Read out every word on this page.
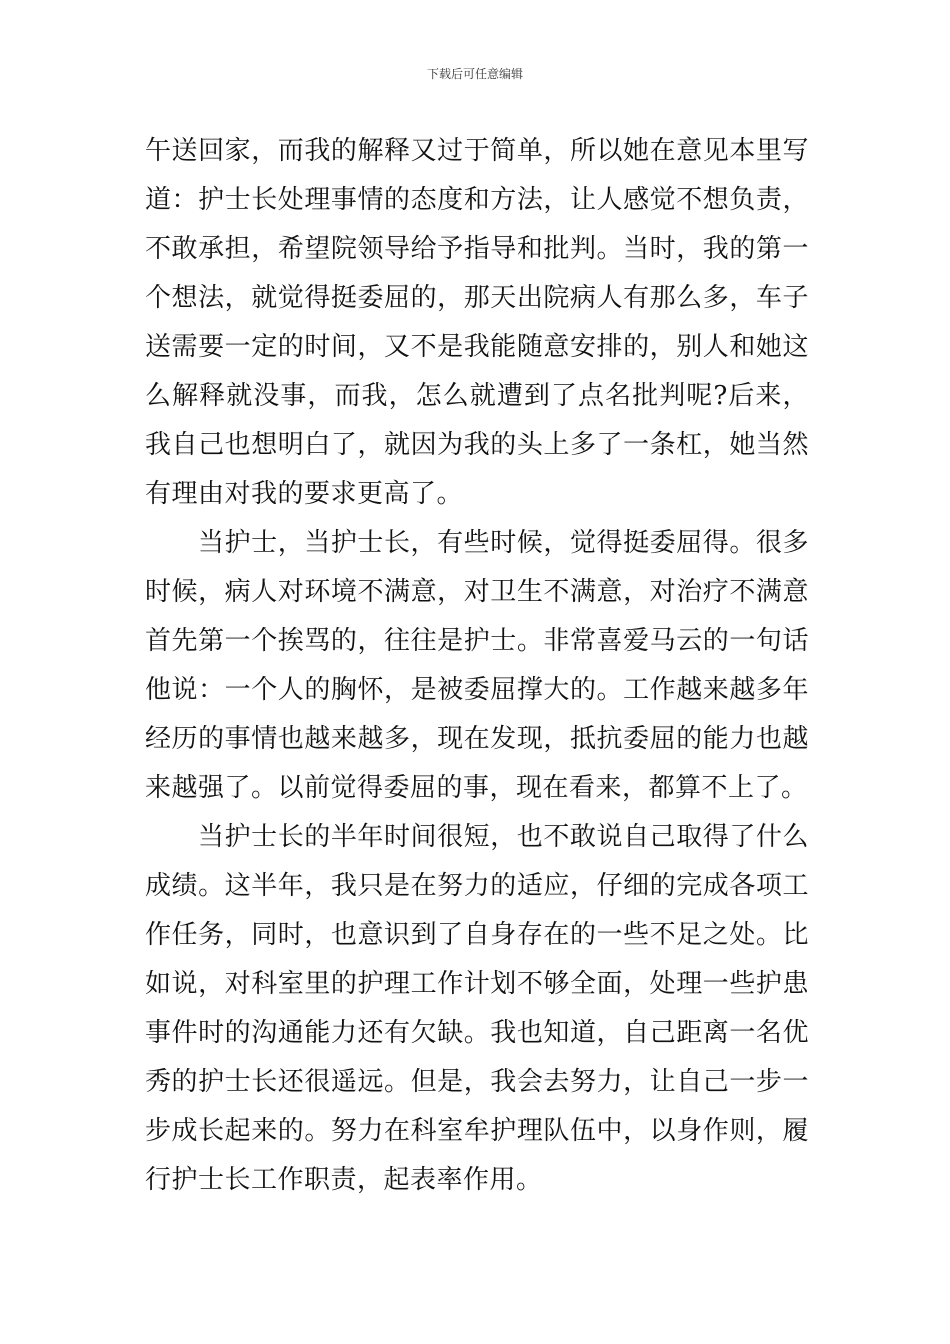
下载后可任意编辑

午送回家，而我的解释又过于简单，所以她在意见本里写道：护士长处理事情的态度和方法，让人感觉不想负责，不敢承担，希望院领导给予指导和批判。当时，我的第一个想法，就觉得挺委屈的，那天出院病人有那么多，车子送需要一定的时间，又不是我能随意安排的，别人和她这么解释就没事，而我，怎么就遭到了点名批判呢?后来，我自己也想明白了，就因为我的头上多了一条杠，她当然有理由对我的要求更高了。

当护士，当护士长，有些时候，觉得挺委屈得。很多时候，病人对环境不满意，对卫生不满意，对治疗不满意首先第一个挨骂的，往往是护士。非常喜爱马云的一句话他说：一个人的胸怀，是被委屈撑大的。工作越来越多年经历的事情也越来越多，现在发现，抵抗委屈的能力也越来越强了。以前觉得委屈的事，现在看来，都算不上了。

当护士长的半年时间很短，也不敢说自己取得了什么成绩。这半年，我只是在努力的适应，仔细的完成各项工作任务，同时，也意识到了自身存在的一些不足之处。比如说，对科室里的护理工作计划不够全面，处理一些护患事件时的沟通能力还有欠缺。我也知道，自己距离一名优秀的护士长还很遥远。但是，我会去努力，让自己一步一步成长起来的。努力在科室牟护理队伍中，以身作则，履行护士长工作职责，起表率作用。
